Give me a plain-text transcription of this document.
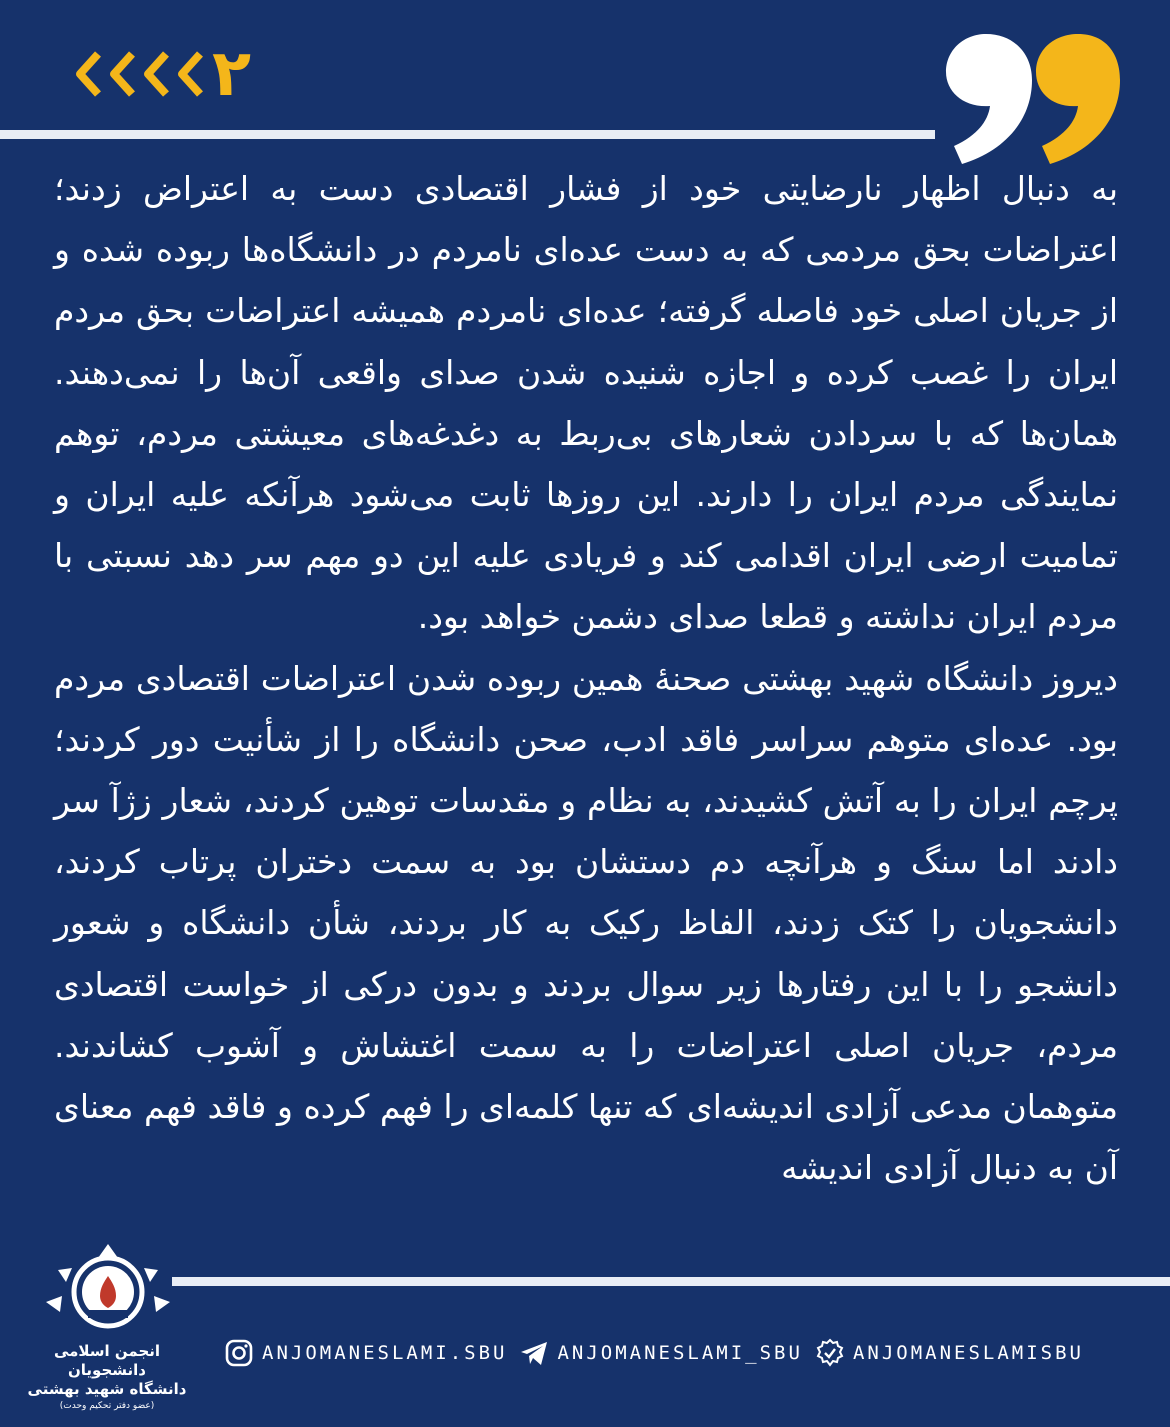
۲

به دنبال اظهار نارضایتی خود از فشار اقتصادی دست به اعتراض زدند؛ اعتراضات بحق مردمی که به دست عده‌ای نامردم در دانشگاه‌ها ربوده شده و از جریان اصلی خود فاصله گرفته؛ عده‌ای نامردم همیشه اعتراضات بحق مردم ایران را غصب کرده و اجازه شنیده شدن صدای واقعی آن‌ها را نمی‌دهند. همان‌ها که با سردادن شعارهای بی‌ربط به دغدغه‌های معیشتی مردم، توهم نمایندگی مردم ایران را دارند. این روزها ثابت می‌شود هرآنکه علیه ایران و تمامیت ارضی ایران اقدامی کند و فریادی علیه این دو مهم سر دهد نسبتی با مردم ایران نداشته و قطعا صدای دشمن خواهد بود.

دیروز دانشگاه شهید بهشتی صحنهٔ همین ربوده شدن اعتراضات اقتصادی مردم بود. عده‌ای متوهم سراسر فاقد ادب، صحن دانشگاه را از شأنیت دور کردند؛ پرچم ایران را به آتش کشیدند، به نظام و مقدسات توهین کردند، شعار زژآ سر دادند اما سنگ و هرآنچه دم دستشان بود به سمت دختران پرتاب کردند، دانشجویان را کتک زدند، الفاظ رکیک به کار بردند، شأن دانشگاه و شعور دانشجو را با این رفتارها زیر سوال بردند و بدون درکی از خواست اقتصادی مردم، جریان اصلی اعتراضات را به سمت اغتشاش و آشوب کشاندند. متوهمان مدعی آزادی اندیشه‌ای که تنها کلمه‌ای را فهم کرده و فاقد فهم معنای آن به دنبال آزادی اندیشه

انجمن اسلامی دانشجویان
دانشگاه شهید بهشتی
(عضو دفتر تحکیم وحدت)
ANJOMANESLAMI.SBU	ANJOMANESLAMI_SBU	ANJOMANESLAMISBU
